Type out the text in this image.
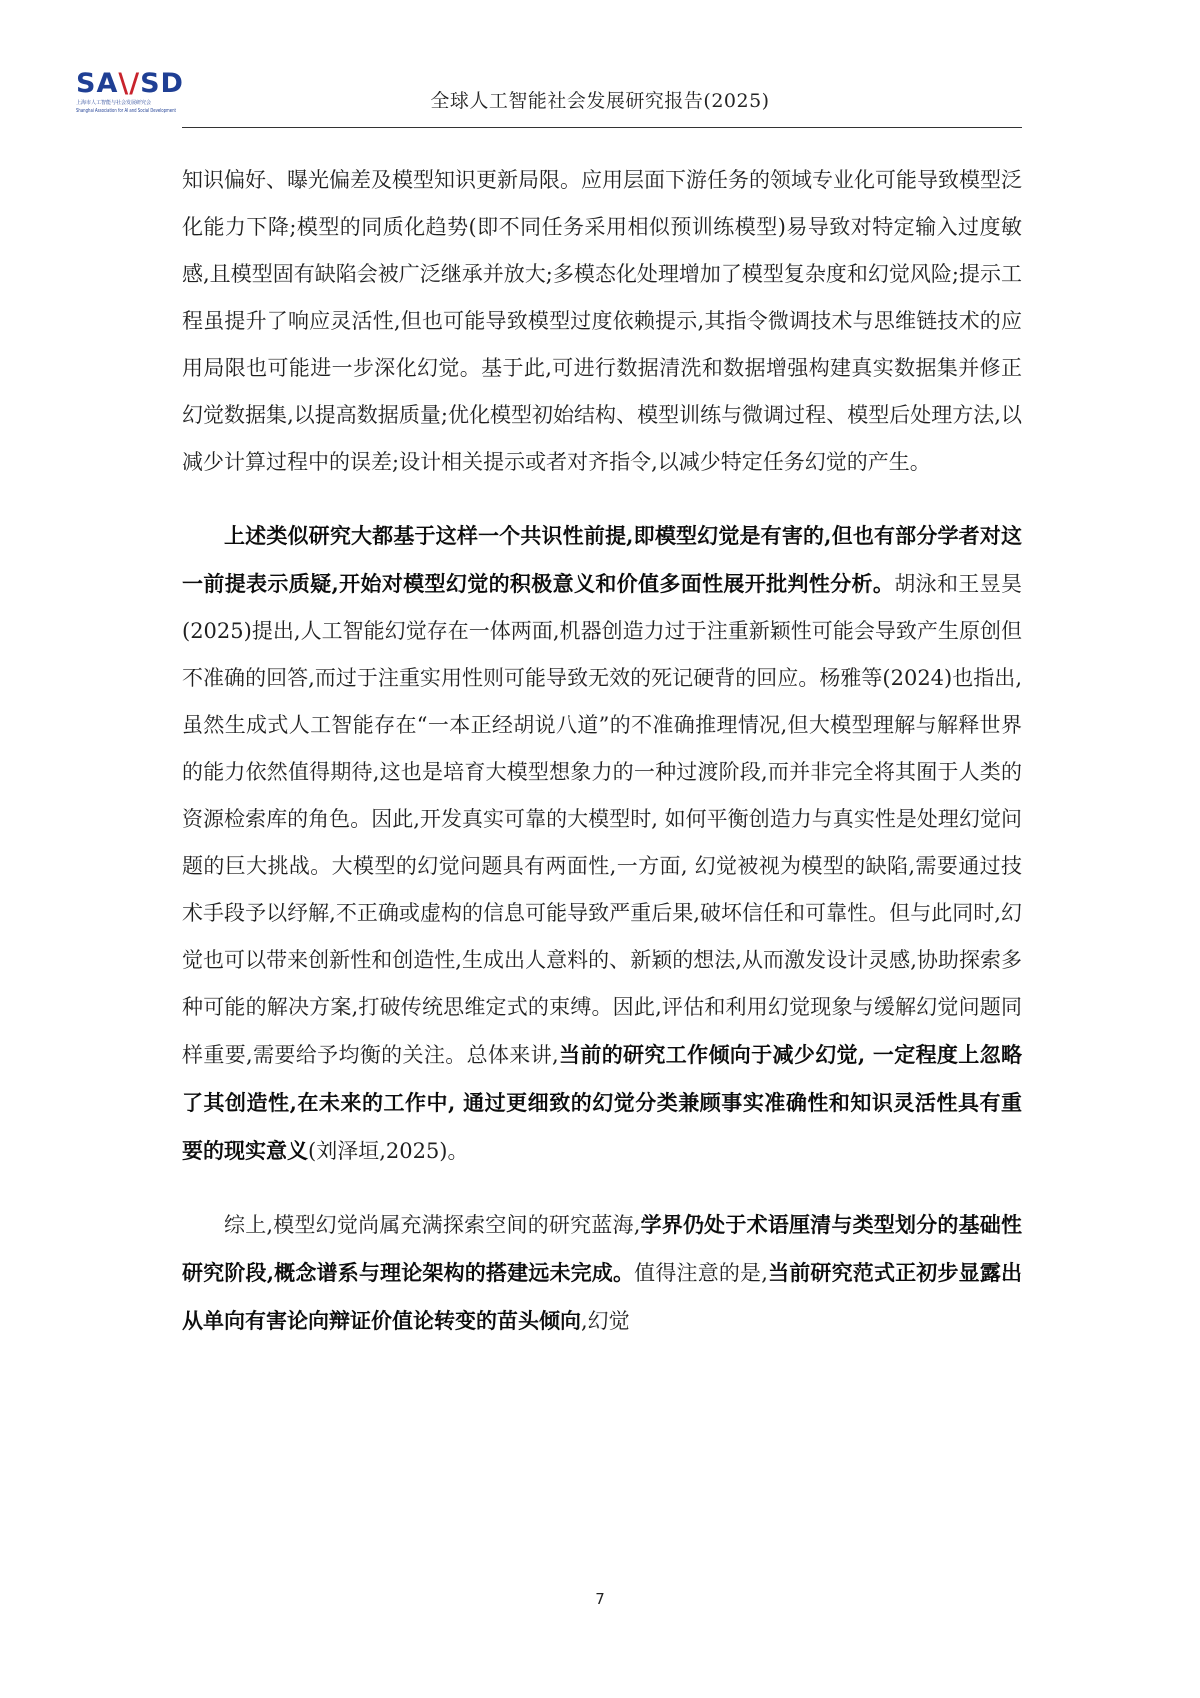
SA\/SD
上海市人工智能与社会发展研究会
Shanghai Association for AI and Social Development	全球人工智能社会发展研究报告(2025)

知识偏好、曝光偏差及模型知识更新局限。应用层面下游任务的领域专业化可能导致模型泛化能力下降;模型的同质化趋势(即不同任务采用相似预训练模型)易导致对特定输入过度敏感,且模型固有缺陷会被广泛继承并放大;多模态化处理增加了模型复杂度和幻觉风险;提示工程虽提升了响应灵活性,但也可能导致模型过度依赖提示,其指令微调技术与思维链技术的应用局限也可能进一步深化幻觉。基于此,可进行数据清洗和数据增强构建真实数据集并修正幻觉数据集,以提高数据质量;优化模型初始结构、模型训练与微调过程、模型后处理方法,以减少计算过程中的误差;设计相关提示或者对齐指令,以减少特定任务幻觉的产生。

上述类似研究大都基于这样一个共识性前提,即模型幻觉是有害的,但也有部分学者对这一前提表示质疑,开始对模型幻觉的积极意义和价值多面性展开批判性分析。胡泳和王昱昊(2025)提出,人工智能幻觉存在一体两面,机器创造力过于注重新颖性可能会导致产生原创但不准确的回答,而过于注重实用性则可能导致无效的死记硬背的回应。杨雅等(2024)也指出,虽然生成式人工智能存在“一本正经胡说八道”的不准确推理情况,但大模型理解与解释世界的能力依然值得期待,这也是培育大模型想象力的一种过渡阶段,而并非完全将其囿于人类的资源检索库的角色。因此,开发真实可靠的大模型时, 如何平衡创造力与真实性是处理幻觉问题的巨大挑战。大模型的幻觉问题具有两面性,一方面, 幻觉被视为模型的缺陷,需要通过技术手段予以纾解,不正确或虚构的信息可能导致严重后果,破坏信任和可靠性。但与此同时,幻觉也可以带来创新性和创造性,生成出人意料的、新颖的想法,从而激发设计灵感,协助探索多种可能的解决方案,打破传统思维定式的束缚。因此,评估和利用幻觉现象与缓解幻觉问题同样重要,需要给予均衡的关注。总体来讲,当前的研究工作倾向于减少幻觉, 一定程度上忽略了其创造性,在未来的工作中, 通过更细致的幻觉分类兼顾事实准确性和知识灵活性具有重要的现实意义(刘泽垣,2025)。

综上,模型幻觉尚属充满探索空间的研究蓝海,学界仍处于术语厘清与类型划分的基础性研究阶段,概念谱系与理论架构的搭建远未完成。值得注意的是,当前研究范式正初步显露出从单向有害论向辩证价值论转变的苗头倾向,幻觉

7
